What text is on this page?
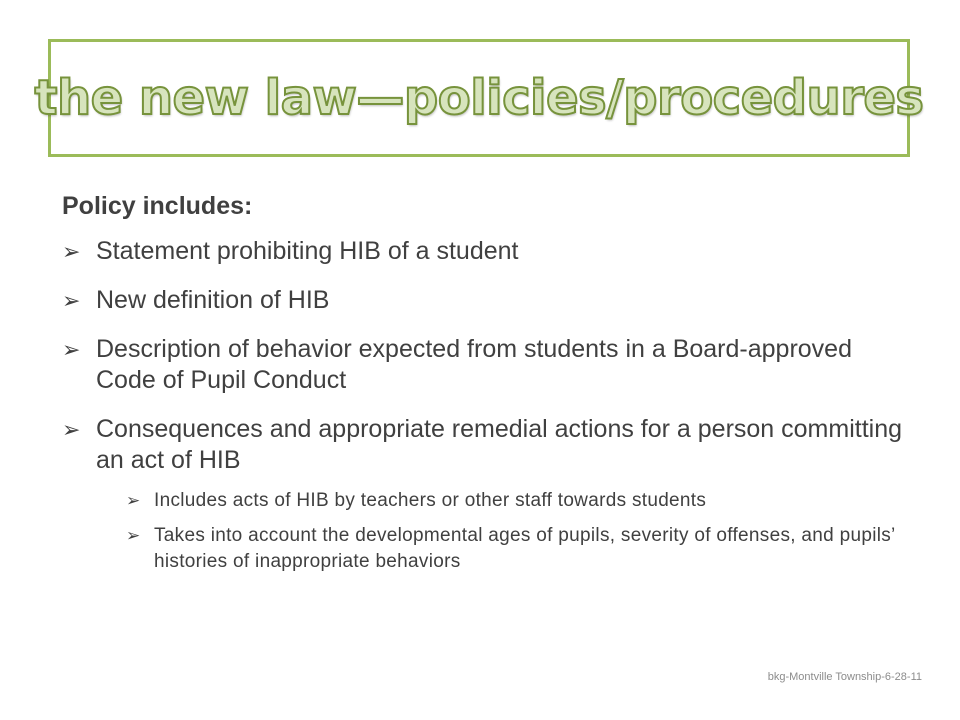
the new law—policies/procedures
Policy includes:
➢ Statement prohibiting HIB of a student
➢ New definition of HIB
➢ Description of behavior expected from students in a Board-approved Code of Pupil Conduct
➢ Consequences and appropriate remedial actions for a person committing an act of HIB
➢ Includes acts of HIB by teachers or other staff towards students
➢ Takes into account the developmental ages of pupils, severity of offenses, and pupils’ histories of inappropriate behaviors
bkg-Montville Township-6-28-11
